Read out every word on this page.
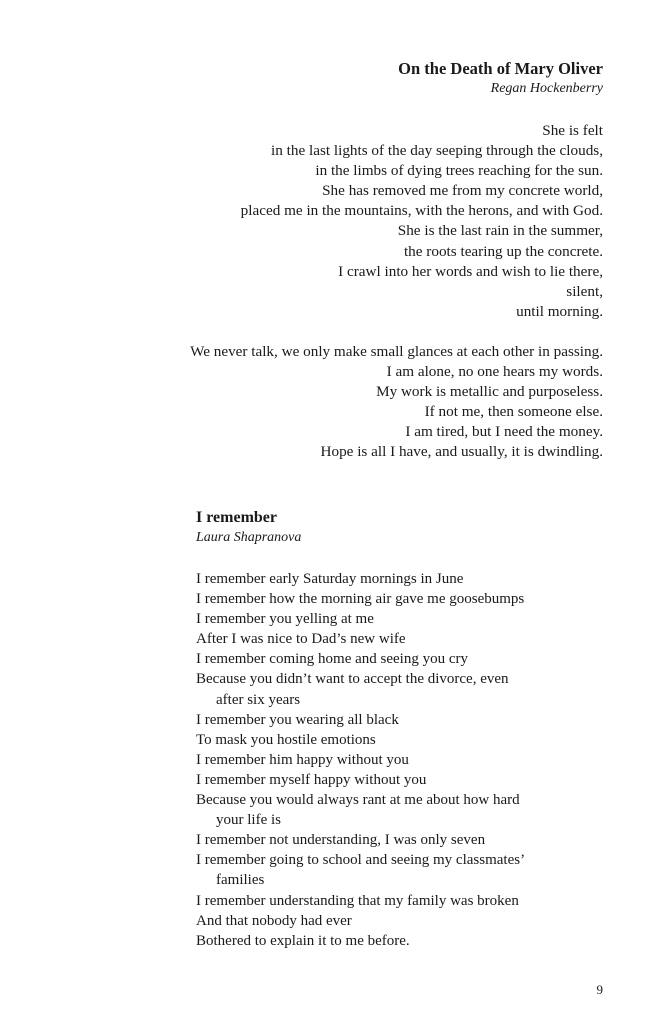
On the Death of Mary Oliver

Regan Hockenberry

She is felt
in the last lights of the day seeping through the clouds,
in the limbs of dying trees reaching for the sun.
She has removed me from my concrete world,
placed me in the mountains, with the herons, and with God.
She is the last rain in the summer,
the roots tearing up the concrete.
I crawl into her words and wish to lie there,
silent,
until morning.
We never talk, we only make small glances at each other in passing.
I am alone, no one hears my words.
My work is metallic and purposeless.
If not me, then someone else.
I am tired, but I need the money.
Hope is all I have, and usually, it is dwindling.
I remember

Laura Shapranova

I remember early Saturday mornings in June
I remember how the morning air gave me goosebumps
I remember you yelling at me
After I was nice to Dad’s new wife
I remember coming home and seeing you cry
Because you didn’t want to accept the divorce, even
after six years
I remember you wearing all black
To mask you hostile emotions
I remember him happy without you
I remember myself happy without you
Because you would always rant at me about how hard
your life is
I remember not understanding, I was only seven
I remember going to school and seeing my classmates’
families
I remember understanding that my family was broken
And that nobody had ever
Bothered to explain it to me before.
9
